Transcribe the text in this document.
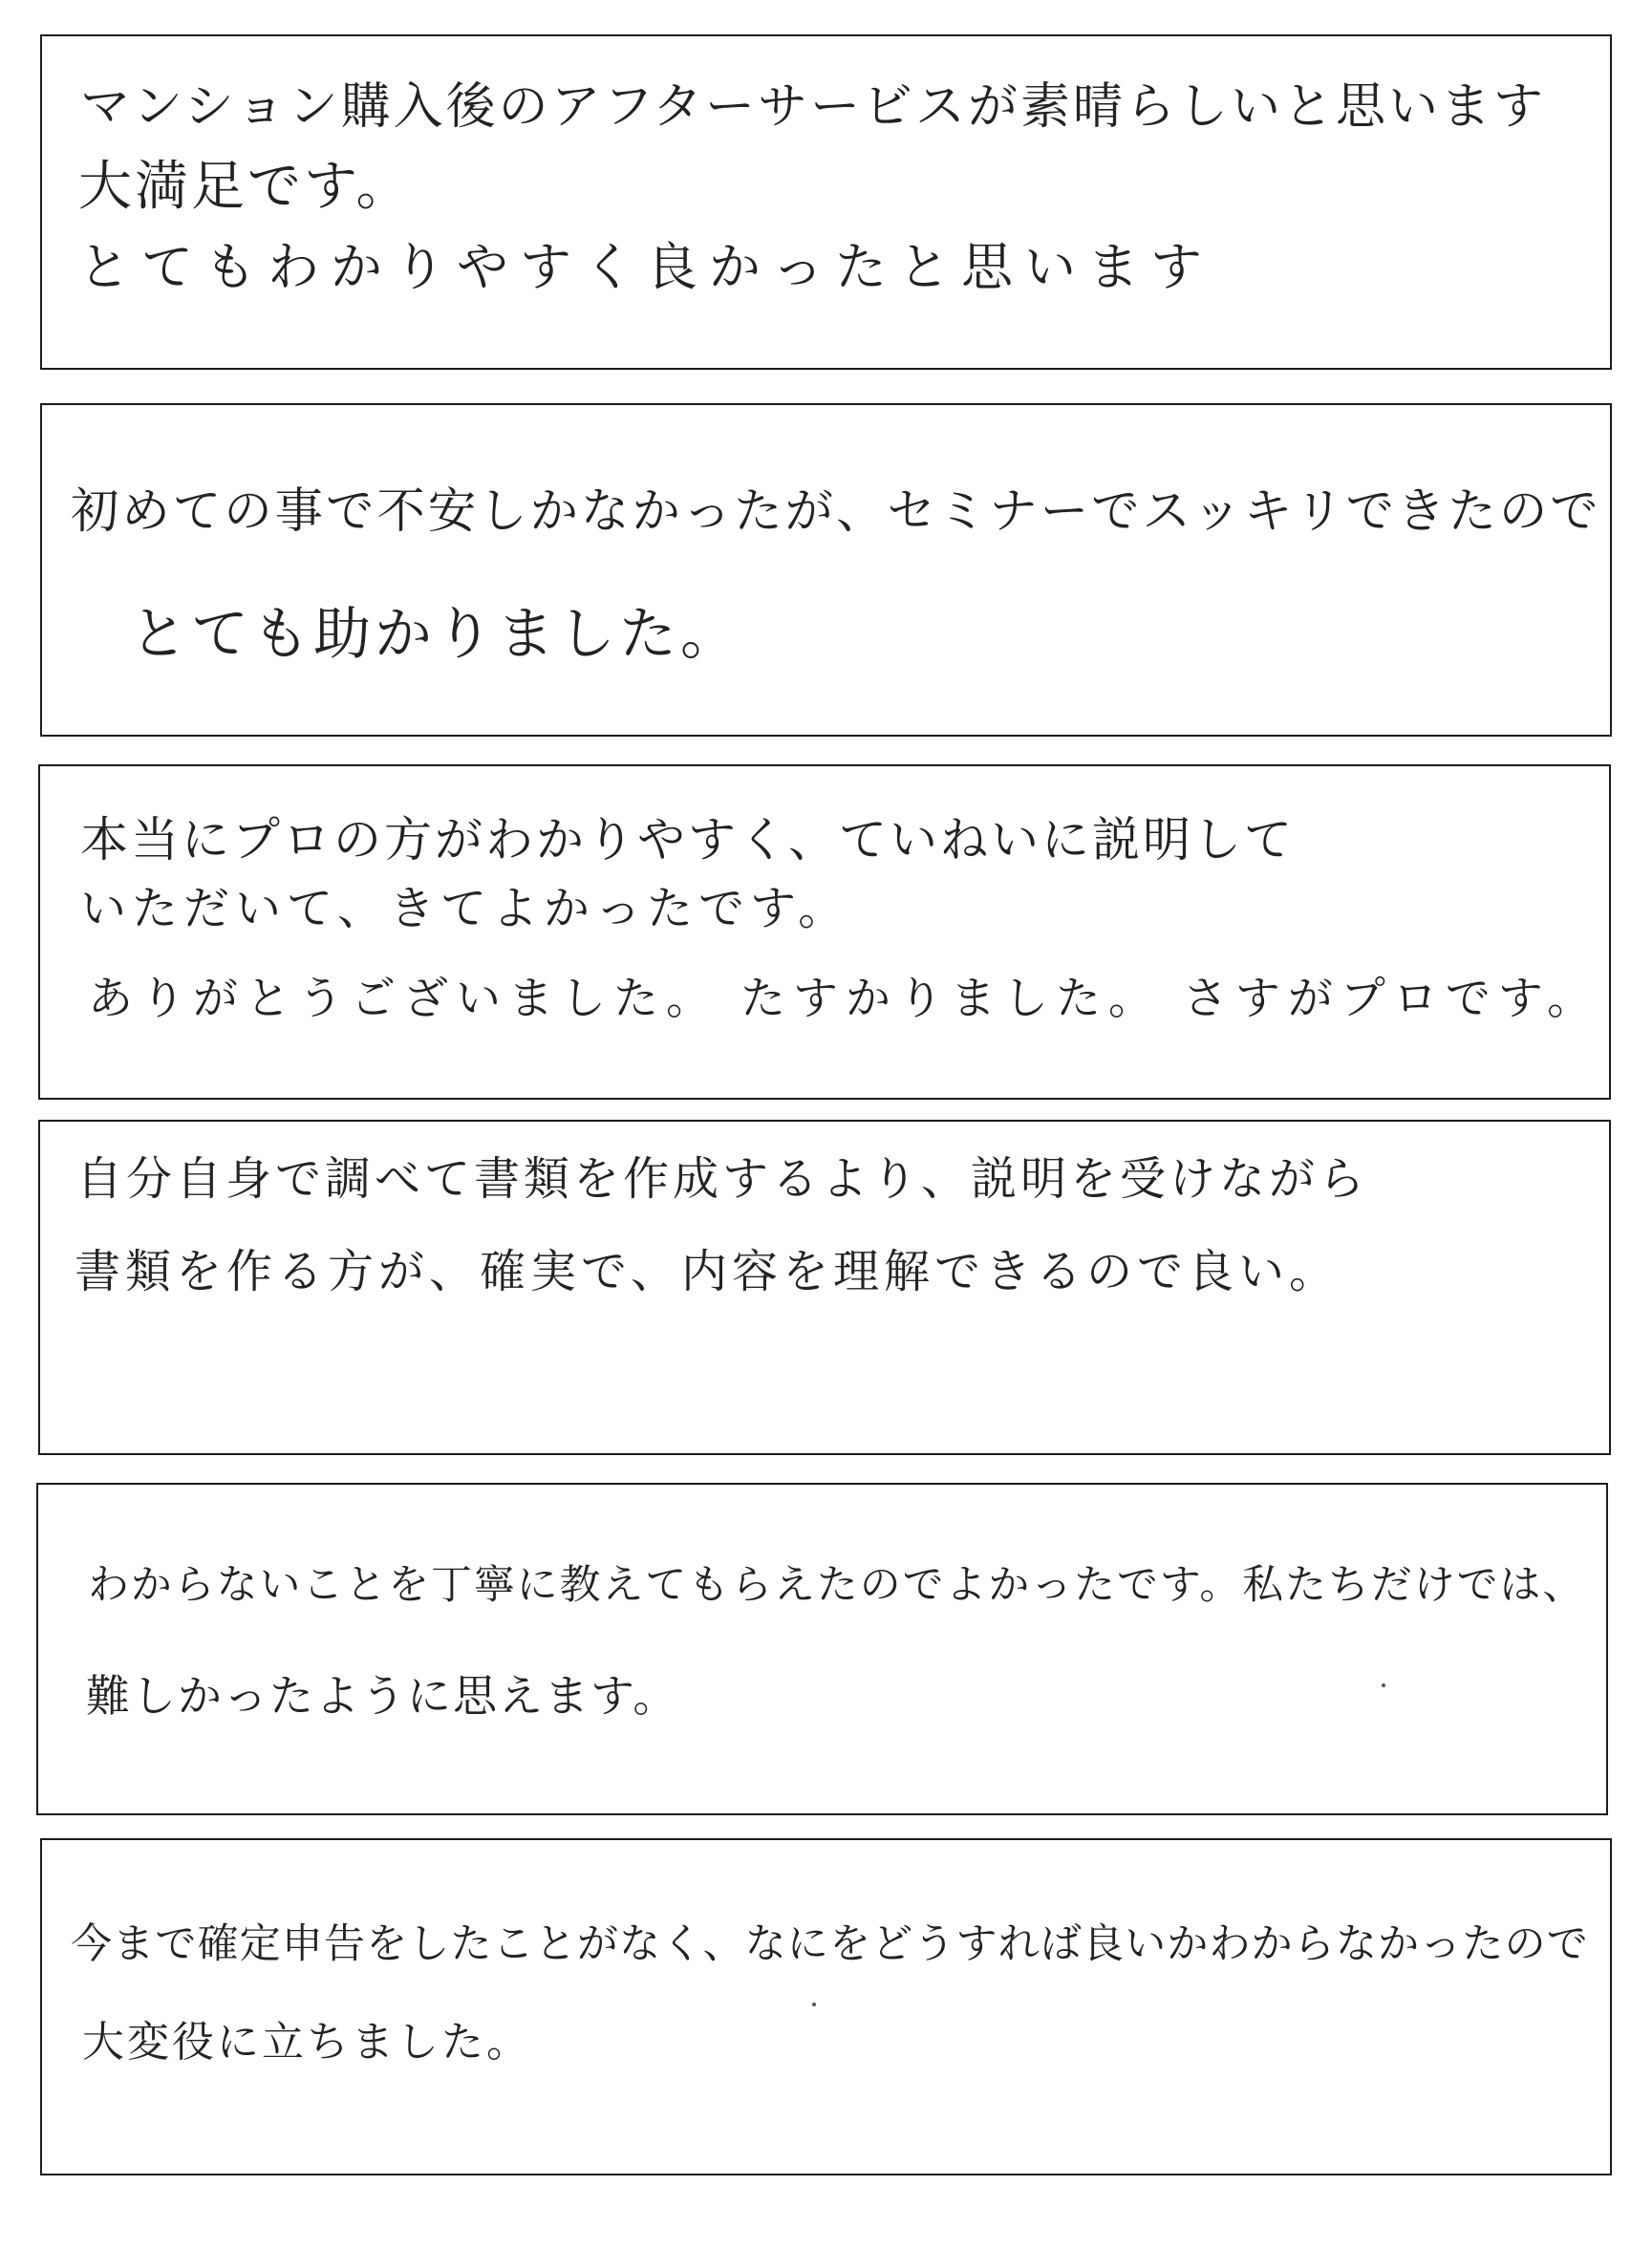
マンション購入後のアフターサービスが素晴らしいと思います
大満足です。
とてもわかりやすく良かったと思います
初めての事で不安しかなかったが、セミナーでスッキリできたので
とても助かりました。
本当にプロの方がわかりやすく、ていねいに説明して
いただいて、きてよかったです。
ありがとうございました。 たすかりました。 さすがプロです。
自分自身で調べて書類を作成するより、説明を受けながら
書類を作る方が、確実で、内容を理解できるので良い。
わからないことを丁寧に教えてもらえたのでよかったです。私たちだけでは、
難しかったように思えます。
今まで確定申告をしたことがなく、なにをどうすれば良いかわからなかったので
大変役に立ちました。
